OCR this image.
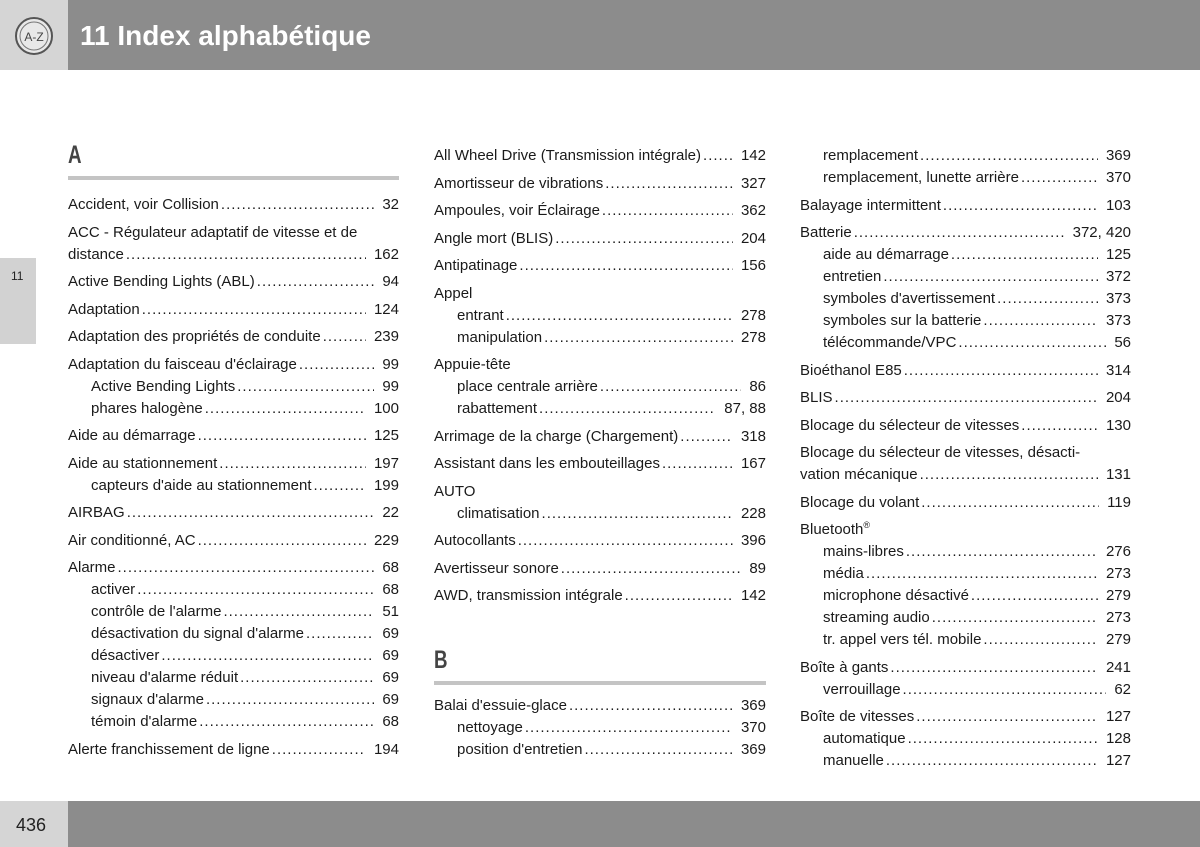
A-Z 11 Index alphabétique
11
A
Accident, voir Collision .....	32
ACC - Régulateur adaptatif de vitesse et de
distance .....	162
Active Bending Lights (ABL) .....	94
Adaptation .....	124
Adaptation des propriétés de conduite .....	239
Adaptation du faisceau d'éclairage .....	99
Active Bending Lights .....	99
phares halogène .....	100
Aide au démarrage .....	125
Aide au stationnement .....	197
capteurs d'aide au stationnement .....	199
AIRBAG .....	22
Air conditionné, AC .....	229
Alarme .....	68
activer .....	68
contrôle de l'alarme .....	51
désactivation du signal d'alarme .....	69
désactiver .....	69
niveau d'alarme réduit .....	69
signaux d'alarme .....	69
témoin d'alarme .....	68
Alerte franchissement de ligne .....	194
All Wheel Drive (Transmission intégrale) .....	142
Amortisseur de vibrations .....	327
Ampoules, voir Éclairage .....	362
Angle mort (BLIS) .....	204
Antipatinage .....	156
Appel
entrant .....	278
manipulation .....	278
Appuie-tête
place centrale arrière .....	86
rabattement .....	87, 88
Arrimage de la charge (Chargement) .....	318
Assistant dans les embouteillages .....	167
AUTO
climatisation .....	228
Autocollants .....	396
Avertisseur sonore .....	89
AWD, transmission intégrale .....	142
B
Balai d'essuie-glace .....	369
nettoyage .....	370
position d'entretien .....	369
remplacement .....	369
remplacement, lunette arrière .....	370
Balayage intermittent .....	103
Batterie .....	372, 420
aide au démarrage .....	125
entretien .....	372
symboles d'avertissement .....	373
symboles sur la batterie .....	373
télécommande/VPC .....	56
Bioéthanol E85 .....	314
BLIS .....	204
Blocage du sélecteur de vitesses .....	130
Blocage du sélecteur de vitesses, désacti-
vation mécanique .....	131
Blocage du volant .....	119
Bluetooth®
mains-libres .....	276
média .....	273
microphone désactivé .....	279
streaming audio .....	273
tr. appel vers tél. mobile .....	279
Boîte à gants .....	241
verrouillage .....	62
Boîte de vitesses .....	127
automatique .....	128
manuelle .....	127
436
